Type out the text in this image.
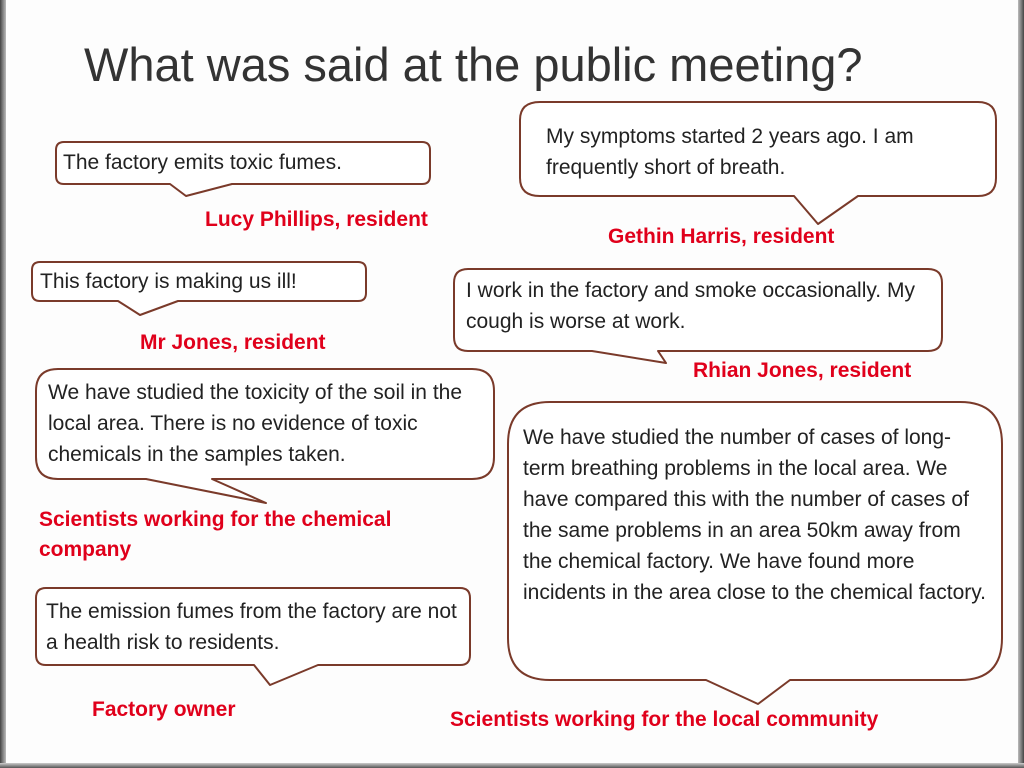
What was said at the public meeting?

The factory emits toxic fumes.

Lucy Phillips, resident

This factory is making us ill!

Mr Jones, resident

We have studied the toxicity of the soil in the local area. There is no evidence of toxic chemicals in the samples taken.

Scientists working for the chemical company

The emission fumes from the factory are not a health risk to residents.

Factory owner

My symptoms started 2 years ago. I am frequently short of breath.

Gethin Harris, resident

I work in the factory and smoke occasionally. My cough is worse at work.

Rhian Jones, resident

We have studied the number of cases of long-term breathing problems in the local area. We have compared this with the number of cases of the same problems in an area 50km away from the chemical factory. We have found more incidents in the area close to the chemical factory.

Scientists working for the local community
